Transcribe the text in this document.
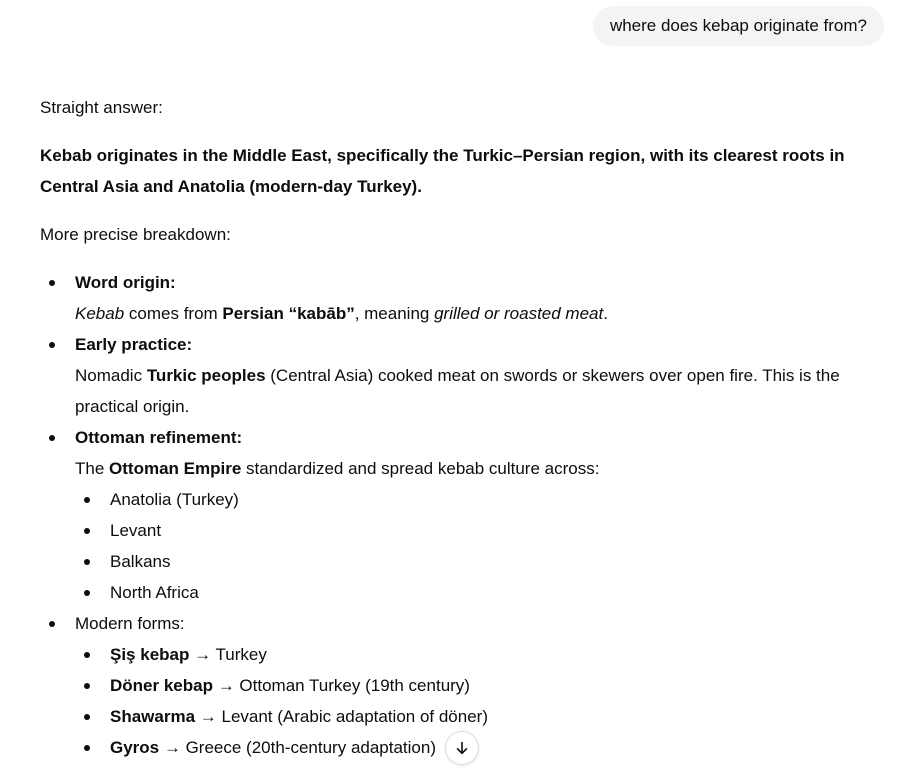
where does kebap originate from?

Straight answer:

Kebab originates in the Middle East, specifically the Turkic–Persian region, with its clearest roots in Central Asia and Anatolia (modern-day Turkey).

More precise breakdown:

Word origin:
Kebab comes from Persian “kabāb”, meaning grilled or roasted meat.
Early practice:
Nomadic Turkic peoples (Central Asia) cooked meat on swords or skewers over open fire. This is the practical origin.
Ottoman refinement:
The Ottoman Empire standardized and spread kebab culture across:
Anatolia (Turkey)
Levant
Balkans
North Africa
Modern forms:
Şiş kebap → Turkey
Döner kebap → Ottoman Turkey (19th century)
Shawarma → Levant (Arabic adaptation of döner)
Gyros → Greece (20th-century adaptation)
